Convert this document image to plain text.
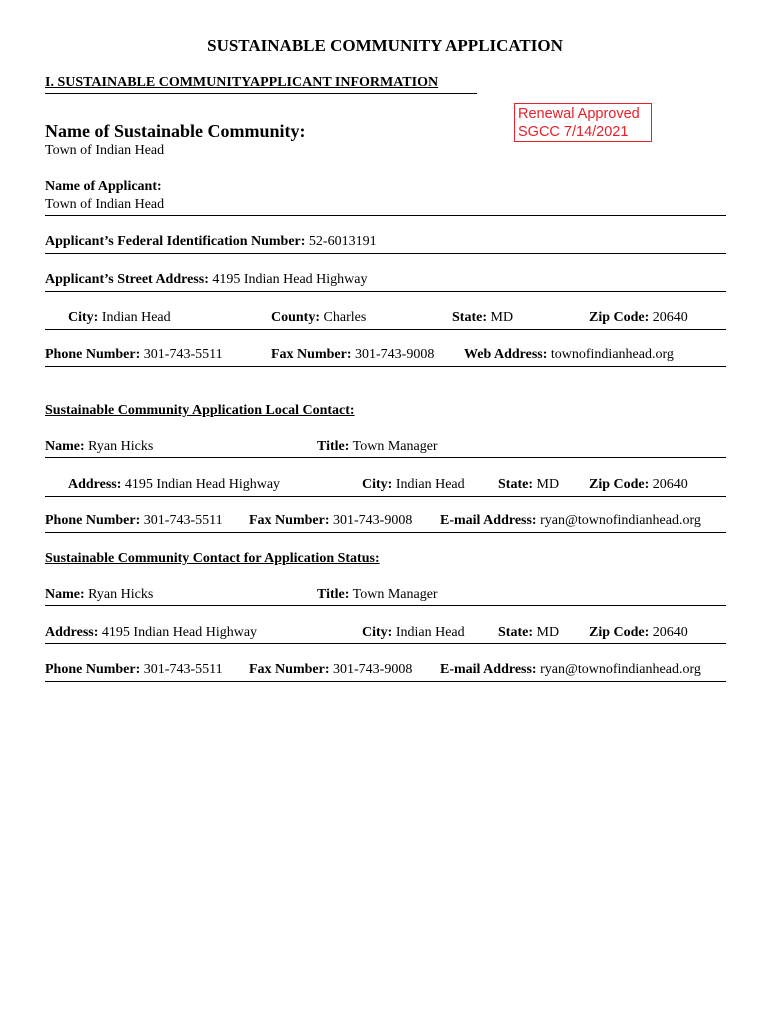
SUSTAINABLE COMMUNITY APPLICATION
I. SUSTAINABLE COMMUNITYAPPLICANT INFORMATION
Renewal Approved
SGCC 7/14/2021
Name of Sustainable Community:
Town of Indian Head
Name of Applicant:
Town of Indian Head
Applicant’s Federal Identification Number: 52-6013191
Applicant’s Street Address: 4195 Indian Head Highway
City: Indian Head	County: Charles	State: MD	Zip Code: 20640
Phone Number: 301-743-5511	Fax Number: 301-743-9008 Web Address: townofindianhead.org
Sustainable Community Application Local Contact:
Name: Ryan Hicks	Title: Town Manager
Address: 4195 Indian Head Highway	City: Indian Head State: MD Zip Code: 20640
Phone Number: 301-743-5511 Fax Number: 301-743-9008 E-mail Address: ryan@townofindianhead.org
Sustainable Community Contact for Application Status:
Name: Ryan Hicks	Title: Town Manager
Address: 4195 Indian Head Highway	City: Indian Head State: MD Zip Code: 20640
Phone Number: 301-743-5511 Fax Number: 301-743-9008 E-mail Address: ryan@townofindianhead.org
